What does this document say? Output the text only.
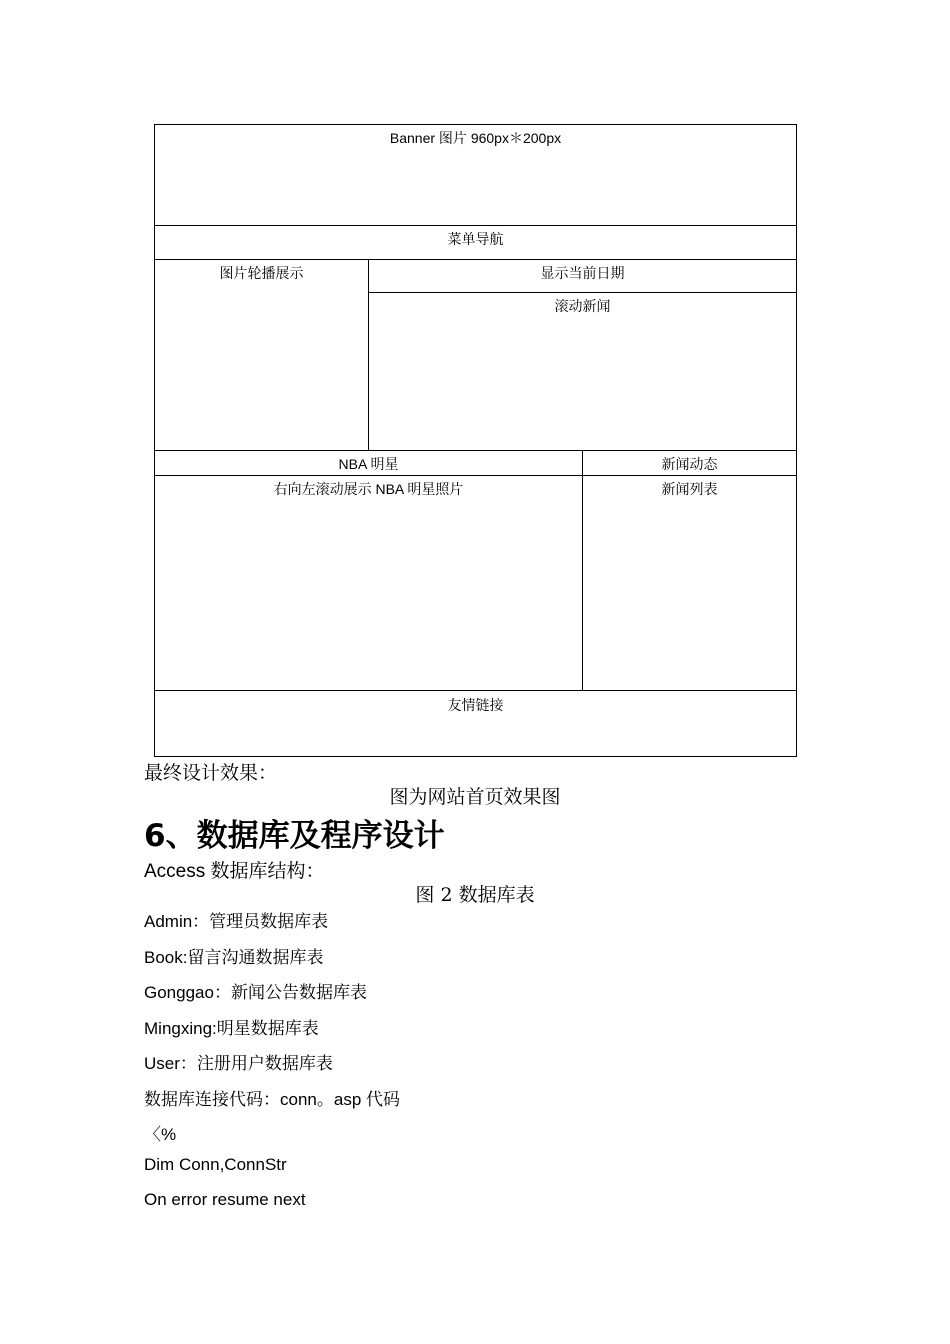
Banner 图片 960px＊200px		

菜单导航		

图片轮播展示	显示当前日期	

	滚动新闻	

NBA 明星		新闻动态

右向左滚动展示 NBA 明星照片		新闻列表

友情链接		
最终设计效果：
图为网站首页效果图
6、数据库及程序设计
Access 数据库结构：
图 2 数据库表
Admin：管理员数据库表
Book:留言沟通数据库表
Gonggao：新闻公告数据库表
Mingxing:明星数据库表
User：注册用户数据库表
数据库连接代码：conn。asp 代码
〈%
Dim Conn,ConnStr
On error resume next
